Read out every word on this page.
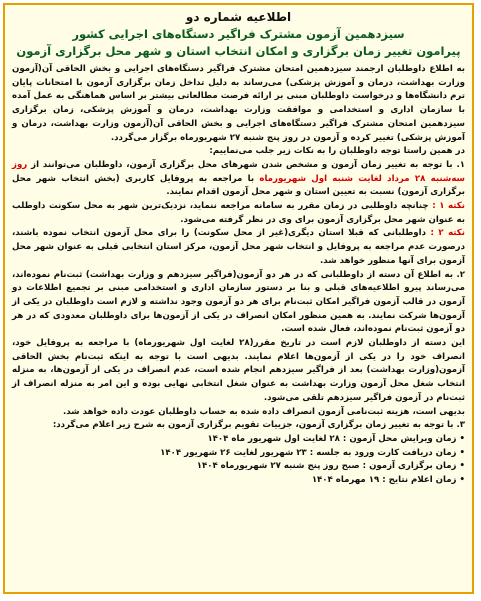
اطلاعیه شماره دو
سیزدهمین آزمون مشترک فراگیر دستگاه‌های اجرایی کشور
پیرامون تغییر زمان برگزاری و امکان انتخاب استان و شهر محل برگزاری آزمون

به اطلاع داوطلبان ارجمند سیزدهمین امتحان مشترک فراگیر دستگاه‌های اجرایی و بخش الحاقی آن(آزمون وزارت بهداشت، درمان و آموزش پزشکی) می‌رساند به دلیل تداخل زمان برگزاری آزمون با امتحانات پایان ترم دانشگاه‌ها و درخواست داوطلبان مبنی بر ارائه فرصت مطالعاتی بیشتر بر اساس هماهنگی به عمل آمده با سازمان اداری و استخدامی و موافقت وزارت بهداشت، درمان و آموزش پزشکی، زمان برگزاری سیزدهمین امتحان مشترک فراگیر دستگاه‌های اجرایی و بخش الحاقی آن(آزمون وزارت بهداشت، درمان و آموزش پزشکی) تغییر کرده و آزمون در روز پنج شنبه ۲۷ شهریورماه برگزار می‌گردد.

در همین راستا توجه داوطلبان را به نکات زیر جلب می‌نماییم:

۱. با توجه به تغییر زمان آزمون و مشخص شدن شهرهای محل برگزاری آزمون، داوطلبان می‌توانند از روز سه‌شنبه ۲۸ مرداد لغایت شنبه اول شهریورماه با مراجعه به پروفایل کاربری (بخش انتخاب شهر محل برگزاری آزمون) نسبت به تعیین استان و شهر محل آزمون اقدام نمایند.

نکته ۱ : چنانچه داوطلبی در زمان مقرر به سامانه مراجعه ننماید، نزدیک‌ترین شهر به محل سکونت داوطلب به عنوان شهر محل برگزاری آزمون برای وی در نظر گرفته می‌شود.

نکته ۲ : داوطلبانی که قبلا استان دیگری(غیر از محل سکونت) را برای محل آزمون انتخاب نموده باشند، درصورت عدم مراجعه به پروفایل و انتخاب شهر محل آزمون، مرکز استان انتخابی قبلی به عنوان شهر محل آزمون برای آنها منظور خواهد شد.

۲. به اطلاع آن دسته از داوطلبانی که در هر دو آزمون(فراگیر سیزدهم و وزارت بهداشت) ثبت‌نام نموده‌اند، می‌رساند پیرو اطلاعیه‌های قبلی و بنا بر دستور سازمان اداری و استخدامی مبنی بر تجمیع اطلاعات دو آزمون در قالب آزمون فراگیر امکان ثبت‌نام برای هر دو آزمون وجود نداشته و لازم است داوطلبان در یکی از آزمون‌ها شرکت نمایند. به همین منظور امکان انصراف در یکی از آزمون‌ها برای داوطلبان معدودی که در هر دو آزمون ثبت‌نام نموده‌اند، فعال شده است.

این دسته از داوطلبان لازم است در تاریخ مقرر(۲۸ لغایت اول شهریورماه) با مراجعه به پروفایل خود، انصراف خود را در یکی از آزمون‌ها اعلام نمایند. بدیهی است با توجه به اینکه ثبت‌نام بخش الحاقی آزمون(وزارت بهداشت) بعد از فراگیر سیزدهم انجام شده است، عدم انصراف در یکی از آزمون‌ها، به منزله انتخاب شغل محل آزمون وزارت بهداشت به عنوان شغل انتخابی نهایی بوده و این امر به منزله انصراف از ثبت‌نام در آزمون فراگیر سیزدهم تلقی می‌شود.

بدیهی است، هزینه ثبت‌نامی آزمون انصراف داده شده به حساب داوطلبان عودت داده خواهد شد.

۳. با توجه به تغییر زمان برگزاری آزمون، جزییات تقویم برگزاری آزمون به شرح زیر اعلام می‌گردد:

• زمان ویرایش محل آزمون : ۲۸ لغایت اول شهریور ماه ۱۴۰۴

• زمان دریافت کارت ورود به جلسه : ۲۳ شهریور لغایت ۲۶ شهریور ۱۴۰۴

• زمان برگزاری آزمون : صبح روز پنج شنبه ۲۷ شهریورماه ۱۴۰۴

• زمان اعلام نتایج : ۱۹ مهرماه ۱۴۰۴
